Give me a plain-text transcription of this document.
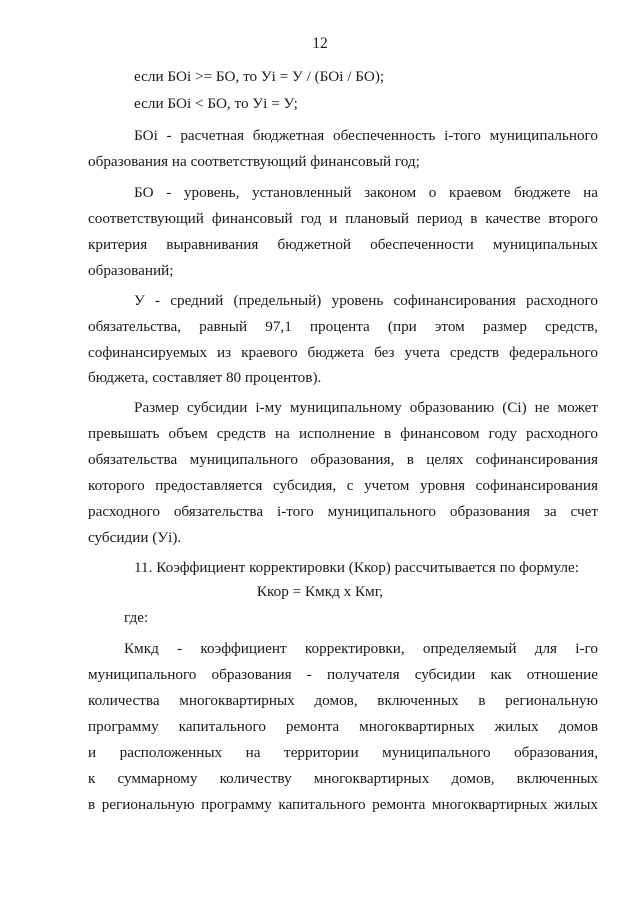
12
если БОi >= БО, то Уi = У / (БОi / БО);
если БОi < БО, то Уi = У;
БОi - расчетная бюджетная обеспеченность i-того муниципального
образования на соответствующий финансовый год;
БО - уровень, установленный законом о краевом бюджете на
соответствующий финансовый год и плановый период в качестве второго
критерия выравнивания бюджетной обеспеченности муниципальных
образований;
У - средний (предельный) уровень софинансирования расходного
обязательства, равный 97,1 процента (при этом размер средств,
софинансируемых из краевого бюджета без учета средств федерального
бюджета, составляет 80 процентов).
Размер субсидии i-му муниципальному образованию (Ci) не может
превышать объем средств на исполнение в финансовом году расходного
обязательства муниципального образования, в целях софинансирования
которого предоставляется субсидия, с учетом уровня софинансирования
расходного обязательства i-того муниципального образования за счет
субсидии (Уi).
11. Коэффициент корректировки (Ккор) рассчитывается по формуле:
Ккор = Кмкд х Кмг,
где:
Кмкд - коэффициент корректировки, определяемый для i-го
муниципального образования - получателя субсидии как отношение
количества многоквартирных домов, включенных в региональную
программу капитального ремонта многоквартирных жилых домов
и расположенных на территории муниципального образования,
к суммарному количеству многоквартирных домов, включенных
в региональную программу капитального ремонта многоквартирных жилых
